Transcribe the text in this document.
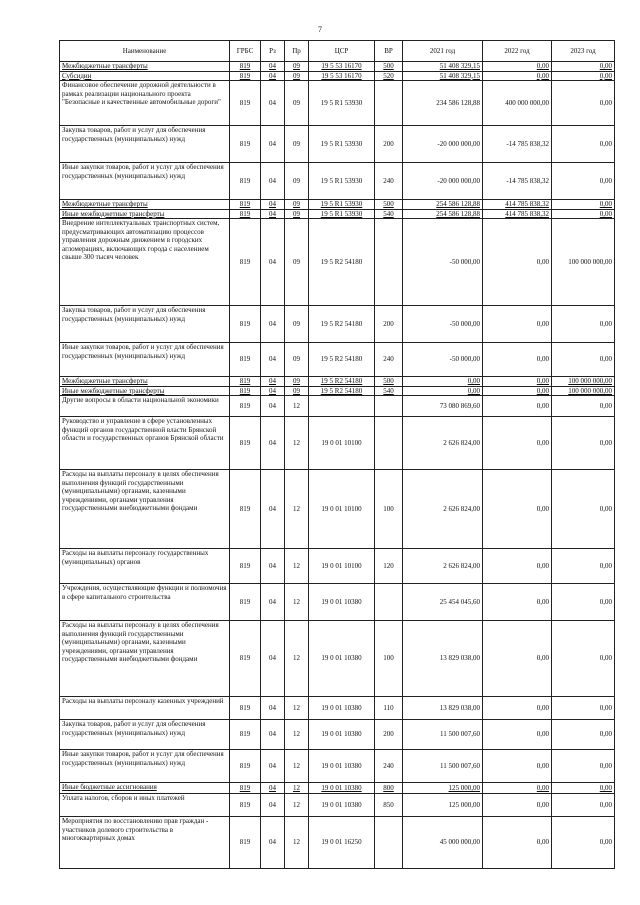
7
Наименование	ГРБС	Рз	Пр	ЦСР	ВР	2021 год	2022 год	2023 год
Межбюджетные трансферты	819	04	09	19 5 53 16170	500	51 408 329,15	0,00	0,00
Субсидии	819	04	09	19 5 53 16170	520	51 408 329,15	0,00	0,00
Финансовое обеспечение дорожной деятельности в рамках реализации национального проекта "Безопасные и качественные автомобильные дороги"	819	04	09	19 5 R1 53930		234 586 128,88	400 000 000,00	0,00
Закупка товаров, работ и услуг для обеспечения государственных (муниципальных) нужд	819	04	09	19 5 R1 53930	200	-20 000 000,00	-14 785 838,32	0,00
Иные закупки товаров, работ и услуг для обеспечения государственных (муниципальных) нужд	819	04	09	19 5 R1 53930	240	-20 000 000,00	-14 785 838,32	0,00
Межбюджетные трансферты	819	04	09	19 5 R1 53930	500	254 586 128,88	414 785 838,32	0,00
Иные межбюджетные трансферты	819	04	09	19 5 R1 53930	540	254 586 128,88	414 785 838,32	0,00
Внедрение интеллектуальных транспортных систем, предусматривающих автоматизацию процессов управления дорожным движением в городских агломерациях, включающих города с населением свыше 300 тысяч человек	819	04	09	19 5 R2 54180		-50 000,00	0,00	100 000 000,00
Закупка товаров, работ и услуг для обеспечения государственных (муниципальных) нужд	819	04	09	19 5 R2 54180	200	-50 000,00	0,00	0,00
Иные закупки товаров, работ и услуг для обеспечения государственных (муниципальных) нужд	819	04	09	19 5 R2 54180	240	-50 000,00	0,00	0,00
Межбюджетные трансферты	819	04	09	19 5 R2 54180	500	0,00	0,00	100 000 000,00
Иные межбюджетные трансферты	819	04	09	19 5 R2 54180	540	0,00	0,00	100 000 000,00
Другие вопросы в области национальной экономики	819	04	12			73 080 869,60	0,00	0,00
Руководство и управление в сфере установленных функций органов государственной власти Брянской области и государственных органов Брянской области	819	04	12	19 0 01 10100		2 626 824,00	0,00	0,00
Расходы на выплаты персоналу в целях обеспечения выполнения функций государственными (муниципальными) органами, казенными учреждениями, органами управления государственными внебюджетными фондами	819	04	12	19 0 01 10100	100	2 626 824,00	0,00	0,00
Расходы на выплаты персоналу государственных (муниципальных) органов	819	04	12	19 0 01 10100	120	2 626 824,00	0,00	0,00
Учреждения, осуществляющие функции и полномочия в сфере капитального строительства	819	04	12	19 0 01 10380		25 454 045,60	0,00	0,00
Расходы на выплаты персоналу в целях обеспечения выполнения функций государственными (муниципальными) органами, казенными учреждениями, органами управления государственными внебюджетными фондами	819	04	12	19 0 01 10380	100	13 829 038,00	0,00	0,00
Расходы на выплаты персоналу казенных учреждений	819	04	12	19 0 01 10380	110	13 829 038,00	0,00	0,00
Закупка товаров, работ и услуг для обеспечения государственных (муниципальных) нужд	819	04	12	19 0 01 10380	200	11 500 007,60	0,00	0,00
Иные закупки товаров, работ и услуг для обеспечения государственных (муниципальных) нужд	819	04	12	19 0 01 10380	240	11 500 007,60	0,00	0,00
Иные бюджетные ассигнования	819	04	12	19 0 01 10380	800	125 000,00	0,00	0,00
Уплата налогов, сборов и иных платежей	819	04	12	19 0 01 10380	850	125 000,00	0,00	0,00
Мероприятия по восстановлению прав граждан - участников долевого строительства в многоквартирных домах	819	04	12	19 0 01 16250		45 000 000,00	0,00	0,00
